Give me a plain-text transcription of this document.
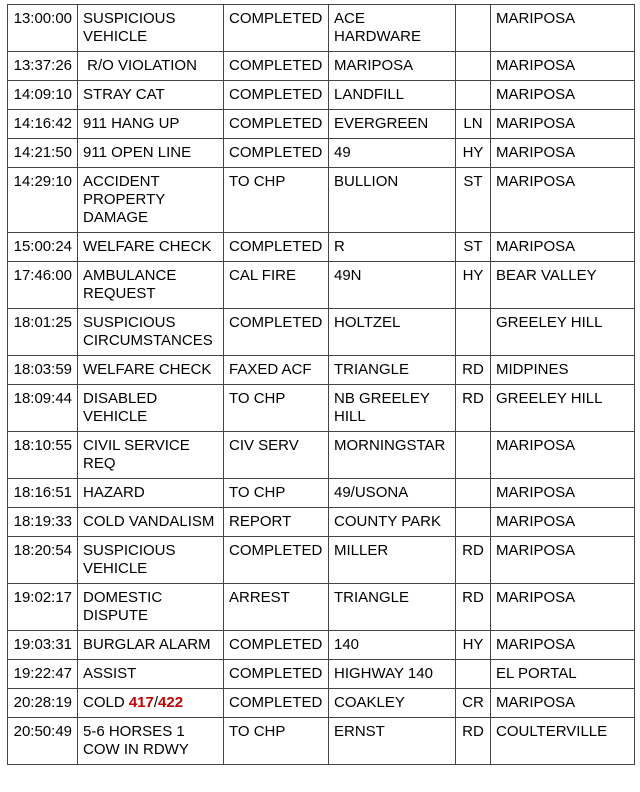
13:00:00	SUSPICIOUS VEHICLE	COMPLETED	ACE HARDWARE		MARIPOSA
13:37:26	R/O VIOLATION	COMPLETED	MARIPOSA		MARIPOSA
14:09:10	STRAY CAT	COMPLETED	LANDFILL		MARIPOSA
14:16:42	911 HANG UP	COMPLETED	EVERGREEN	LN	MARIPOSA
14:21:50	911 OPEN LINE	COMPLETED	49	HY	MARIPOSA
14:29:10	ACCIDENT PROPERTY DAMAGE	TO CHP	BULLION	ST	MARIPOSA
15:00:24	WELFARE CHECK	COMPLETED	R	ST	MARIPOSA
17:46:00	AMBULANCE REQUEST	CAL FIRE	49N	HY	BEAR VALLEY
18:01:25	SUSPICIOUS CIRCUMSTANCES	COMPLETED	HOLTZEL		GREELEY HILL
18:03:59	WELFARE CHECK	FAXED ACF	TRIANGLE	RD	MIDPINES
18:09:44	DISABLED VEHICLE	TO CHP	NB GREELEY HILL	RD	GREELEY HILL
18:10:55	CIVIL SERVICE REQ	CIV SERV	MORNINGSTAR		MARIPOSA
18:16:51	HAZARD	TO CHP	49/USONA		MARIPOSA
18:19:33	COLD VANDALISM	REPORT	COUNTY PARK		MARIPOSA
18:20:54	SUSPICIOUS VEHICLE	COMPLETED	MILLER	RD	MARIPOSA
19:02:17	DOMESTIC DISPUTE	ARREST	TRIANGLE	RD	MARIPOSA
19:03:31	BURGLAR ALARM	COMPLETED	140	HY	MARIPOSA
19:22:47	ASSIST	COMPLETED	HIGHWAY 140		EL PORTAL
20:28:19	COLD 417/422	COMPLETED	COAKLEY	CR	MARIPOSA
20:50:49	5-6 HORSES 1 COW IN RDWY	TO CHP	ERNST	RD	COULTERVILLE
